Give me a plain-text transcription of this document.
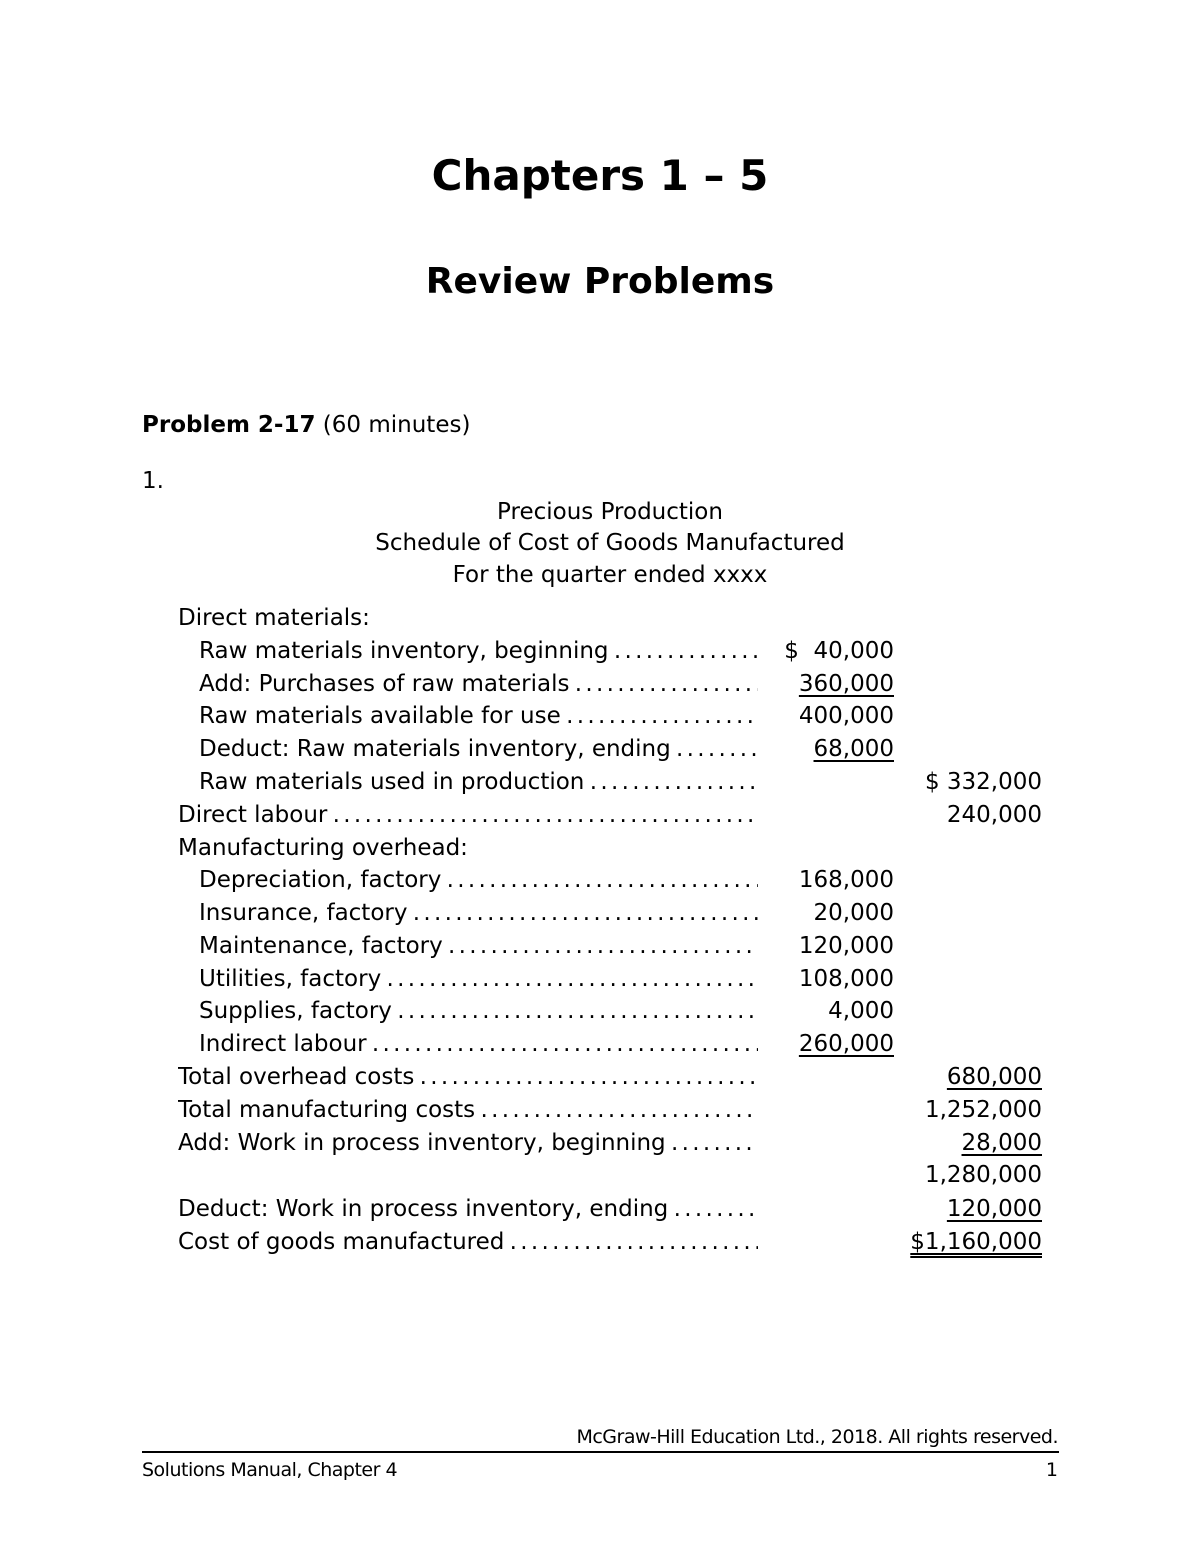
Chapters 1 – 5
Review Problems
Problem 2-17 (60 minutes)
1.
Precious Production
Schedule of Cost of Goods Manufactured
For the quarter ended xxxx
Direct materials:
Raw materials inventory, beginning . . .	$  40,000
Add: Purchases of raw materials . . .	360,000
Raw materials available for use . . .	400,000
Deduct: Raw materials inventory, ending . . .	68,000
Raw materials used in production . . .	$ 332,000
Direct labour . . .	240,000
Manufacturing overhead:
Depreciation, factory . . .	168,000
Insurance, factory . . .	20,000
Maintenance, factory . . .	120,000
Utilities, factory . . .	108,000
Supplies, factory . . .	4,000
Indirect labour . . .	260,000
Total overhead costs . . .	680,000
Total manufacturing costs . . .	1,252,000
Add: Work in process inventory, beginning . . .	28,000
1,280,000
Deduct: Work in process inventory, ending . . .	120,000
Cost of goods manufactured . . .	$1,160,000
McGraw-Hill Education Ltd., 2018. All rights reserved.
Solutions Manual, Chapter 4	1
